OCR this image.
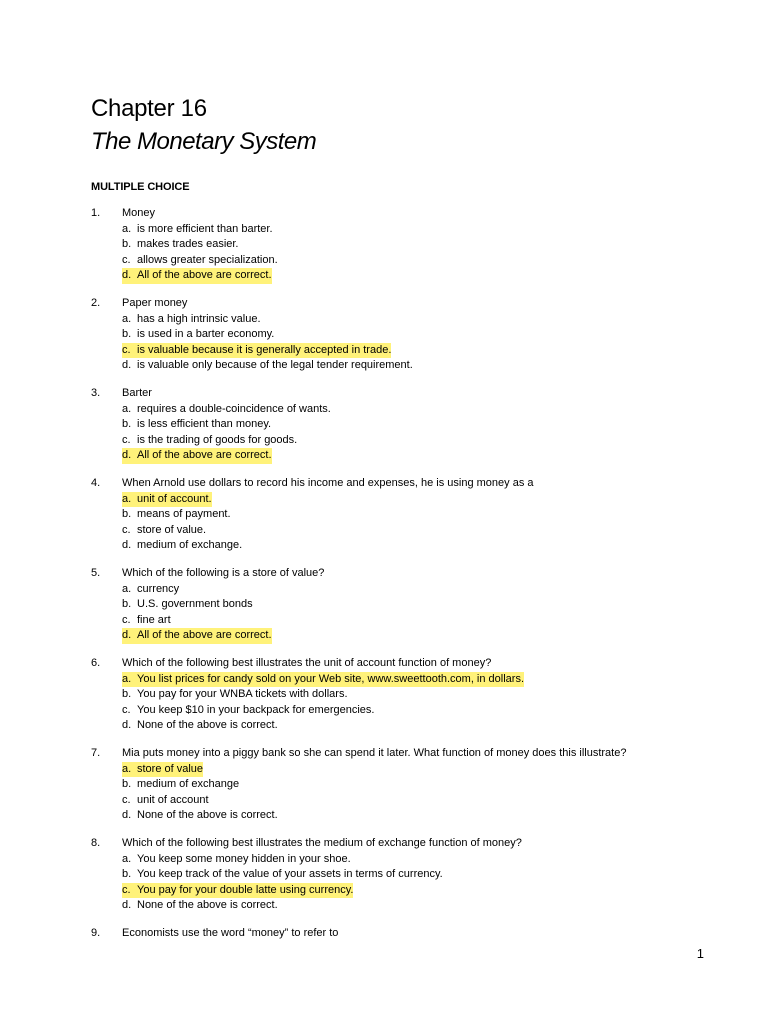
Chapter 16
The Monetary System
MULTIPLE CHOICE
1. Money
a. is more efficient than barter.
b. makes trades easier.
c. allows greater specialization.
d. All of the above are correct.
2. Paper money
a. has a high intrinsic value.
b. is used in a barter economy.
c. is valuable because it is generally accepted in trade.
d. is valuable only because of the legal tender requirement.
3. Barter
a. requires a double-coincidence of wants.
b. is less efficient than money.
c. is the trading of goods for goods.
d. All of the above are correct.
4. When Arnold use dollars to record his income and expenses, he is using money as a
a. unit of account.
b. means of payment.
c. store of value.
d. medium of exchange.
5. Which of the following is a store of value?
a. currency
b. U.S. government bonds
c. fine art
d. All of the above are correct.
6. Which of the following best illustrates the unit of account function of money?
a. You list prices for candy sold on your Web site, www.sweettooth.com, in dollars.
b. You pay for your WNBA tickets with dollars.
c. You keep $10 in your backpack for emergencies.
d. None of the above is correct.
7. Mia puts money into a piggy bank so she can spend it later. What function of money does this illustrate?
a. store of value
b. medium of exchange
c. unit of account
d. None of the above is correct.
8. Which of the following best illustrates the medium of exchange function of money?
a. You keep some money hidden in your shoe.
b. You keep track of the value of your assets in terms of currency.
c. You pay for your double latte using currency.
d. None of the above is correct.
9. Economists use the word “money” to refer to
1
